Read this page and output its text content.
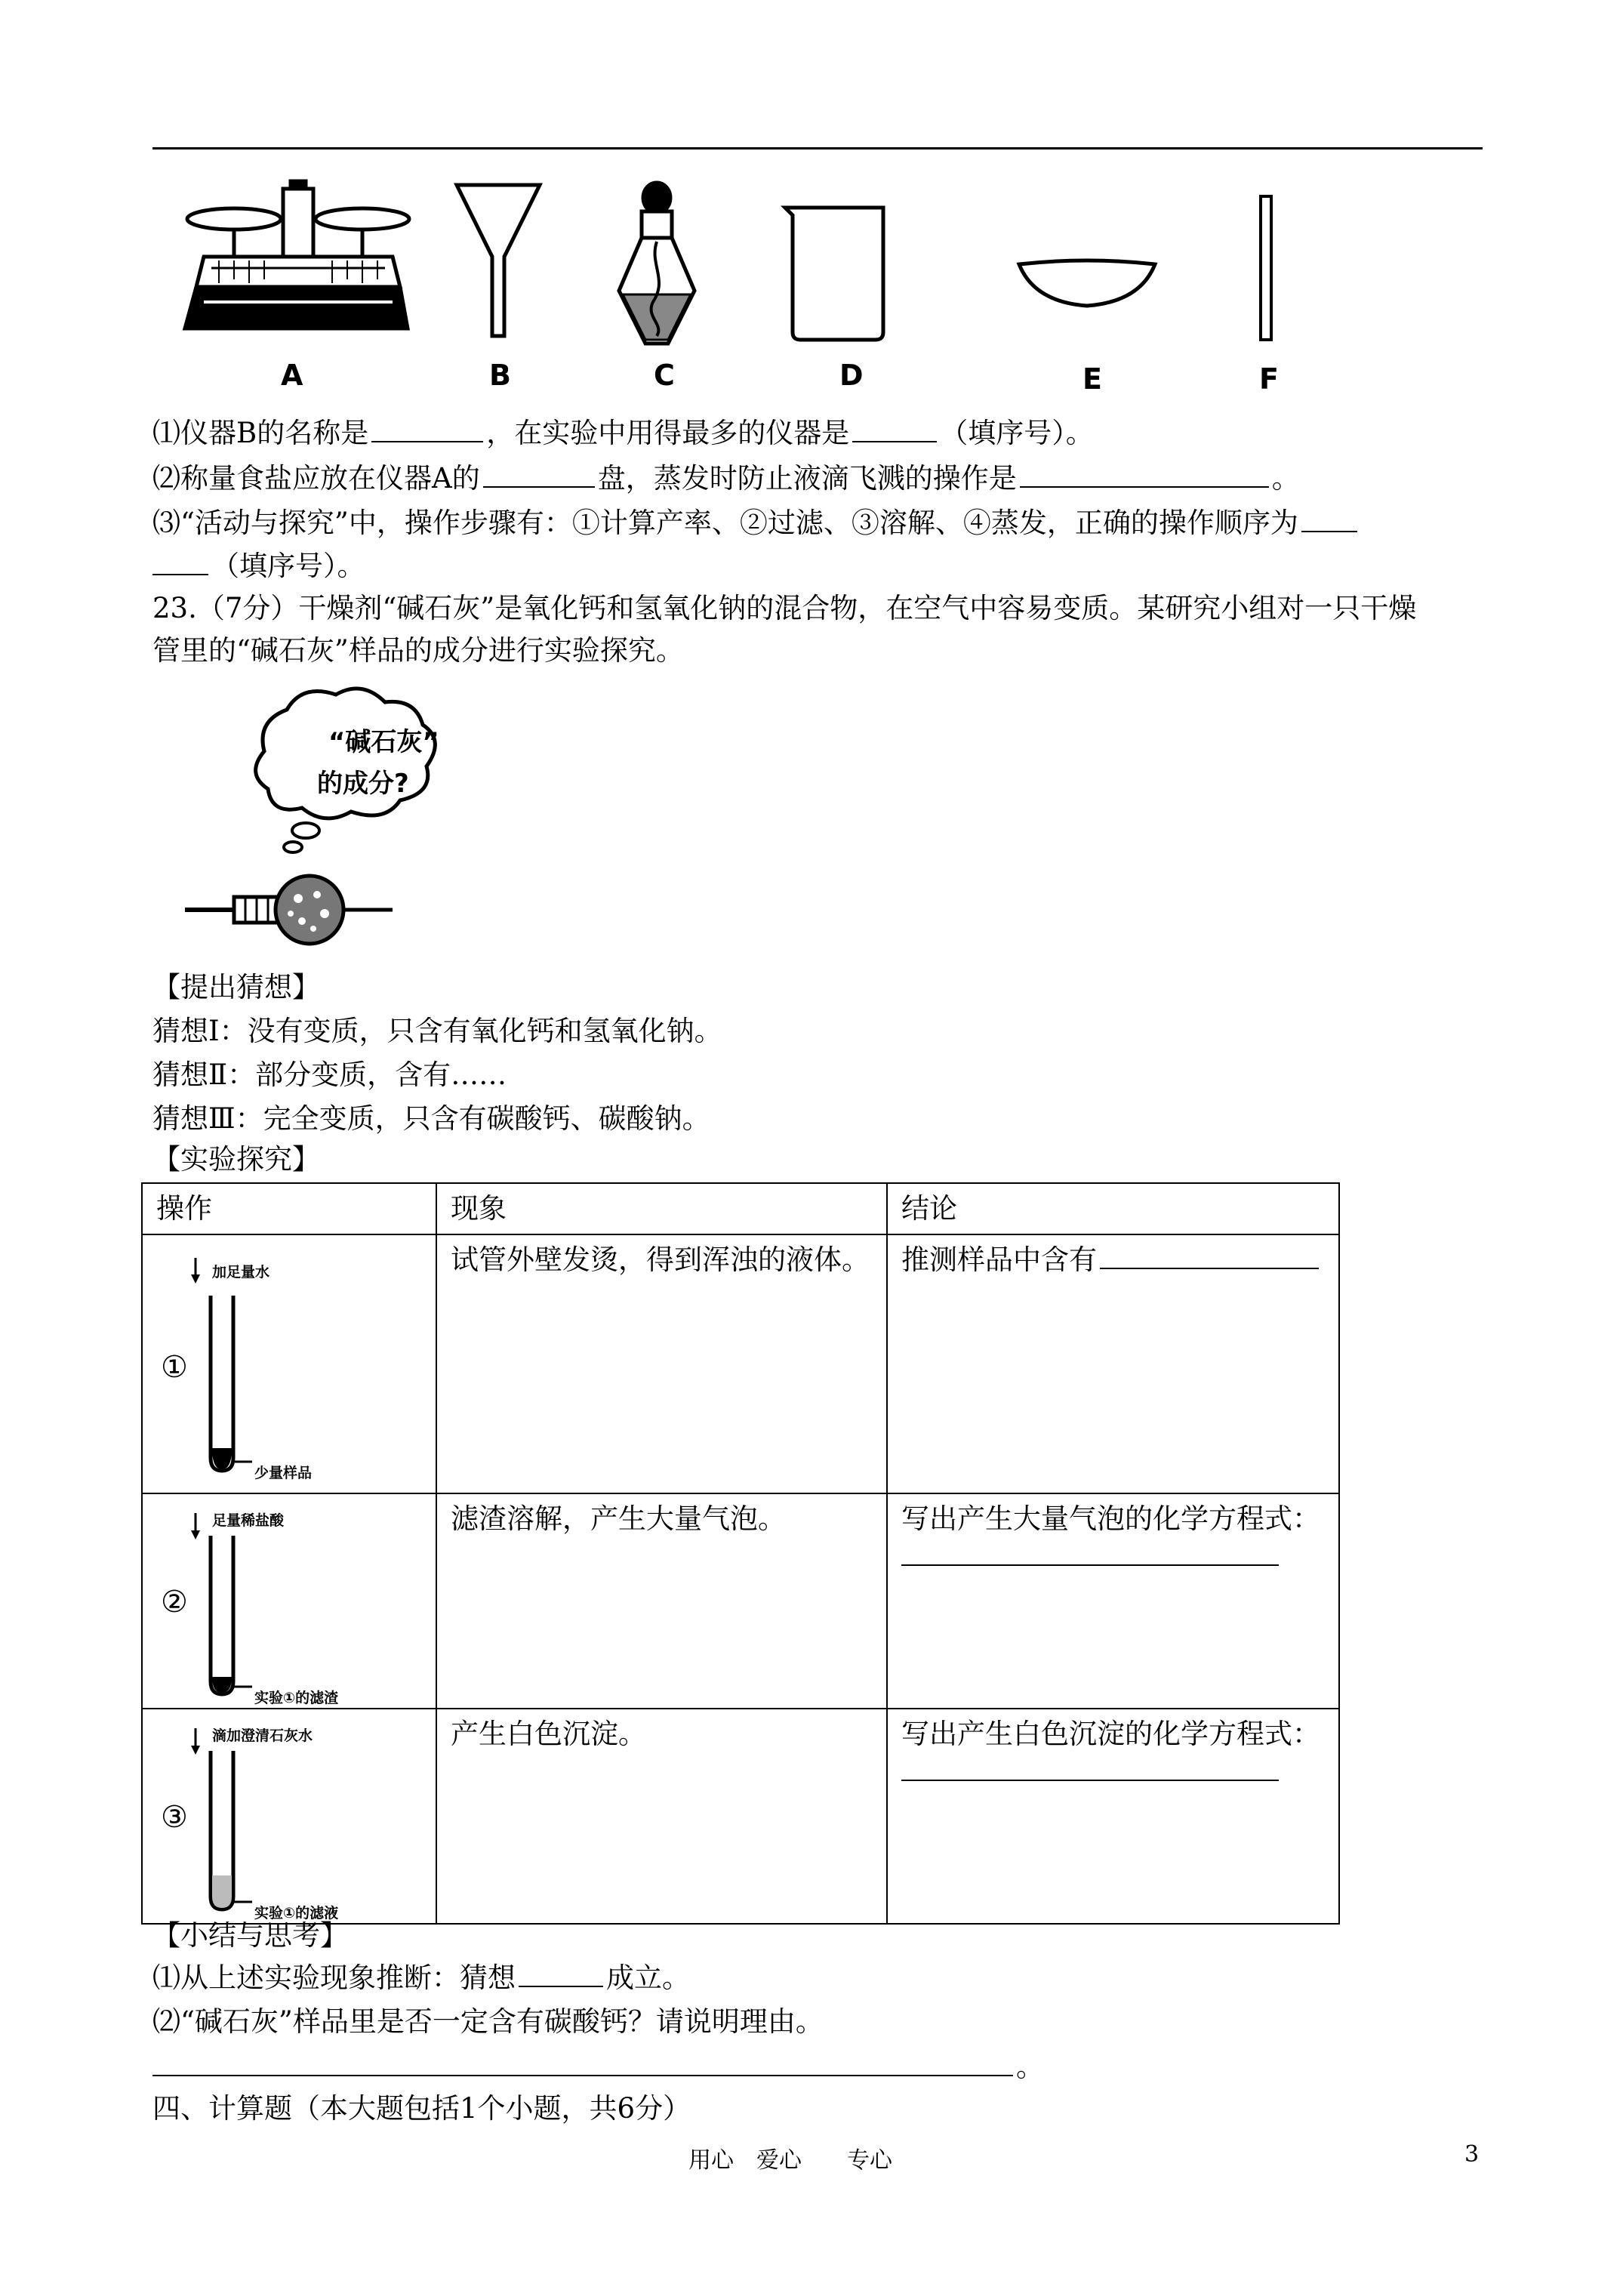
A	B	C	D	E	F
⑴仪器B的名称是	，在实验中用得最多的仪器是	（填序号）。
⑵称量食盐应放在仪器A的	盘，蒸发时防止液滴飞溅的操作是	。
⑶“活动与探究”中，操作步骤有：①计算产率、②过滤、③溶解、④蒸发，正确的操作顺序为
（填序号）。
23.（7分）干燥剂“碱石灰”是氧化钙和氢氧化钠的混合物，在空气中容易变质。某研究小组对一只干燥
管里的“碱石灰”样品的成分进行实验探究。
“碱石灰”
的成分?
【提出猜想】
猜想Ⅰ：没有变质，只含有氧化钙和氢氧化钠。
猜想Ⅱ：部分变质，含有……
猜想Ⅲ：完全变质，只含有碳酸钙、碳酸钠。
【实验探究】
操作	现象	结论

加足量水
少量样品
①	试管外壁发烫，得到浑浊的液体。	推测样品中含有

足量稀盐酸
实验①的滤渣
②	滤渣溶解，产生大量气泡。	写出产生大量气泡的化学方程式：

滴加澄清石灰水
实验①的滤液
③	产生白色沉淀。	写出产生白色沉淀的化学方程式：

【小结与思考】
⑴从上述实验现象推断：猜想	成立。
⑵“碱石灰”样品里是否一定含有碳酸钙？请说明理由。
。
四、计算题（本大题包括1个小题，共6分）
用心　爱心　　专心	3
